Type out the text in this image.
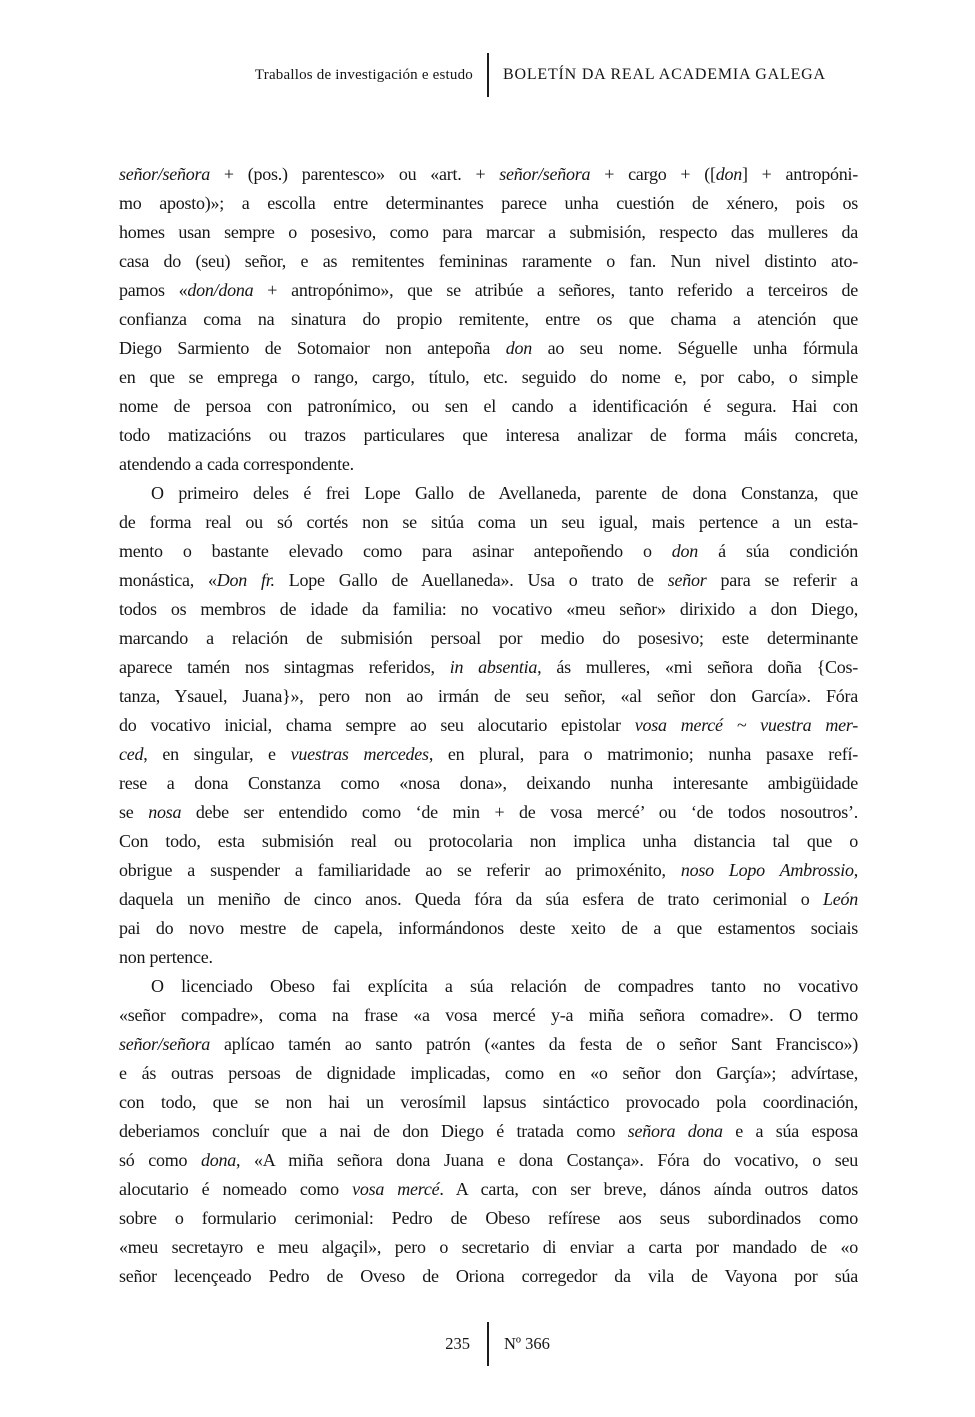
Traballos de investigación e estudo BOLETÍN DA REAL ACADEMIA GALEGA
señor/señora + (pos.) parentesco» ou «art. + señor/señora + cargo + ([don] + antropóni-
mo aposto)»; a escolla entre determinantes parece unha cuestión de xénero, pois os
homes usan sempre o posesivo, como para marcar a submisión, respecto das mulleres da
casa do (seu) señor, e as remitentes femininas raramente o fan. Nun nivel distinto ato-
pamos «don/dona + antropónimo», que se atribúe a señores, tanto referido a terceiros de
confianza coma na sinatura do propio remitente, entre os que chama a atención que
Diego Sarmiento de Sotomaior non antepoña don ao seu nome. Séguelle unha fórmula
en que se emprega o rango, cargo, título, etc. seguido do nome e, por cabo, o simple
nome de persoa con patronímico, ou sen el cando a identificación é segura. Hai con
todo matizacións ou trazos particulares que interesa analizar de forma máis concreta,
atendendo a cada correspondente.
O primeiro deles é frei Lope Gallo de Avellaneda, parente de dona Constanza, que
de forma real ou só cortés non se sitúa coma un seu igual, mais pertence a un esta-
mento o bastante elevado como para asinar antepoñendo o don á súa condición
monástica, «Don fr. Lope Gallo de Auellaneda». Usa o trato de señor para se referir a
todos os membros de idade da familia: no vocativo «meu señor» dirixido a don Diego,
marcando a relación de submisión persoal por medio do posesivo; este determinante
aparece tamén nos sintagmas referidos, in absentia, ás mulleres, «mi señora doña {Cos-
tanza, Ysauel, Juana}», pero non ao irmán de seu señor, «al señor don García». Fóra
do vocativo inicial, chama sempre ao seu alocutario epistolar vosa mercé ~ vuestra mer-
ced, en singular, e vuestras mercedes, en plural, para o matrimonio; nunha pasaxe refí-
rese a dona Constanza como «nosa dona», deixando nunha interesante ambigüidade
se nosa debe ser entendido como ‘de min + de vosa mercé’ ou ‘de todos nosoutros’.
Con todo, esta submisión real ou protocolaria non implica unha distancia tal que o
obrigue a suspender a familiaridade ao se referir ao primoxénito, noso Lopo Ambrossio,
daquela un meniño de cinco anos. Queda fóra da súa esfera de trato cerimonial o León
pai do novo mestre de capela, informándonos deste xeito de a que estamentos sociais
non pertence.
O licenciado Obeso fai explícita a súa relación de compadres tanto no vocativo
«señor compadre», coma na frase «a vosa mercé y-a miña señora comadre». O termo
señor/señora aplícao tamén ao santo patrón («antes da festa de o señor Sant Francisco»)
e ás outras persoas de dignidade implicadas, como en «o señor don Garçía»; advírtase,
con todo, que se non hai un verosímil lapsus sintáctico provocado pola coordinación,
deberiamos concluír que a nai de don Diego é tratada como señora dona e a súa esposa
só como dona, «A miña señora dona Juana e dona Costança». Fóra do vocativo, o seu
alocutario é nomeado como vosa mercé. A carta, con ser breve, dános aínda outros datos
sobre o formulario cerimonial: Pedro de Obeso refírese aos seus subordinados como
«meu secretayro e meu algaçil», pero o secretario di enviar a carta por mandado de «o
señor lecençeado Pedro de Oveso de Oriona corregedor da vila de Vayona por súa
235 Nº 366
